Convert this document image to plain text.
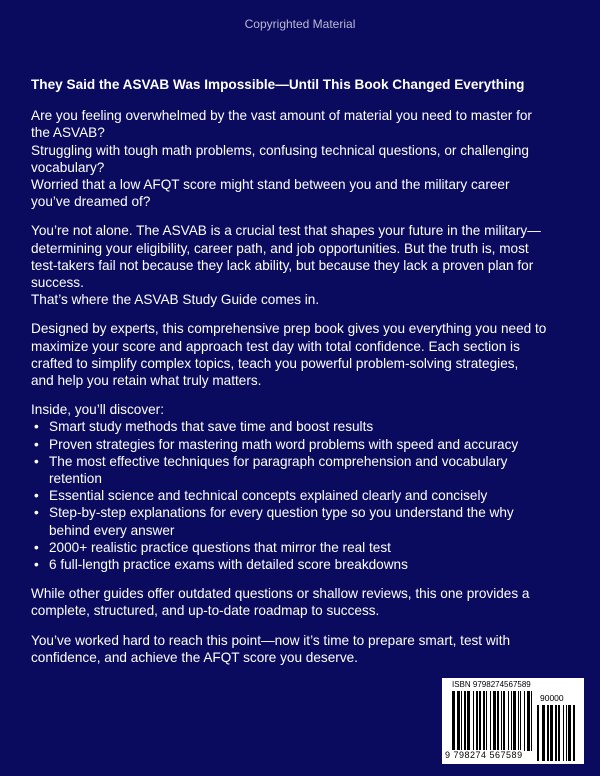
Copyrighted Material
They Said the ASVAB Was Impossible—Until This Book Changed Everything
Are you feeling overwhelmed by the vast amount of material you need to master for
the ASVAB?
Struggling with tough math problems, confusing technical questions, or challenging
vocabulary?
Worried that a low AFQT score might stand between you and the military career
you’ve dreamed of?
You’re not alone. The ASVAB is a crucial test that shapes your future in the military—
determining your eligibility, career path, and job opportunities. But the truth is, most
test-takers fail not because they lack ability, but because they lack a proven plan for
success.
That’s where the ASVAB Study Guide comes in.
Designed by experts, this comprehensive prep book gives you everything you need to
maximize your score and approach test day with total confidence. Each section is
crafted to simplify complex topics, teach you powerful problem-solving strategies,
and help you retain what truly matters.
Inside, you’ll discover:
• Smart study methods that save time and boost results
• Proven strategies for mastering math word problems with speed and accuracy
• The most effective techniques for paragraph comprehension and vocabulary
retention
• Essential science and technical concepts explained clearly and concisely
• Step-by-step explanations for every question type so you understand the why
behind every answer
• 2000+ realistic practice questions that mirror the real test
• 6 full-length practice exams with detailed score breakdowns
While other guides offer outdated questions or shallow reviews, this one provides a
complete, structured, and up-to-date roadmap to success.
You’ve worked hard to reach this point—now it’s time to prepare smart, test with
confidence, and achieve the AFQT score you deserve.
ISBN 9798274567589
90000
9 798274 567589
